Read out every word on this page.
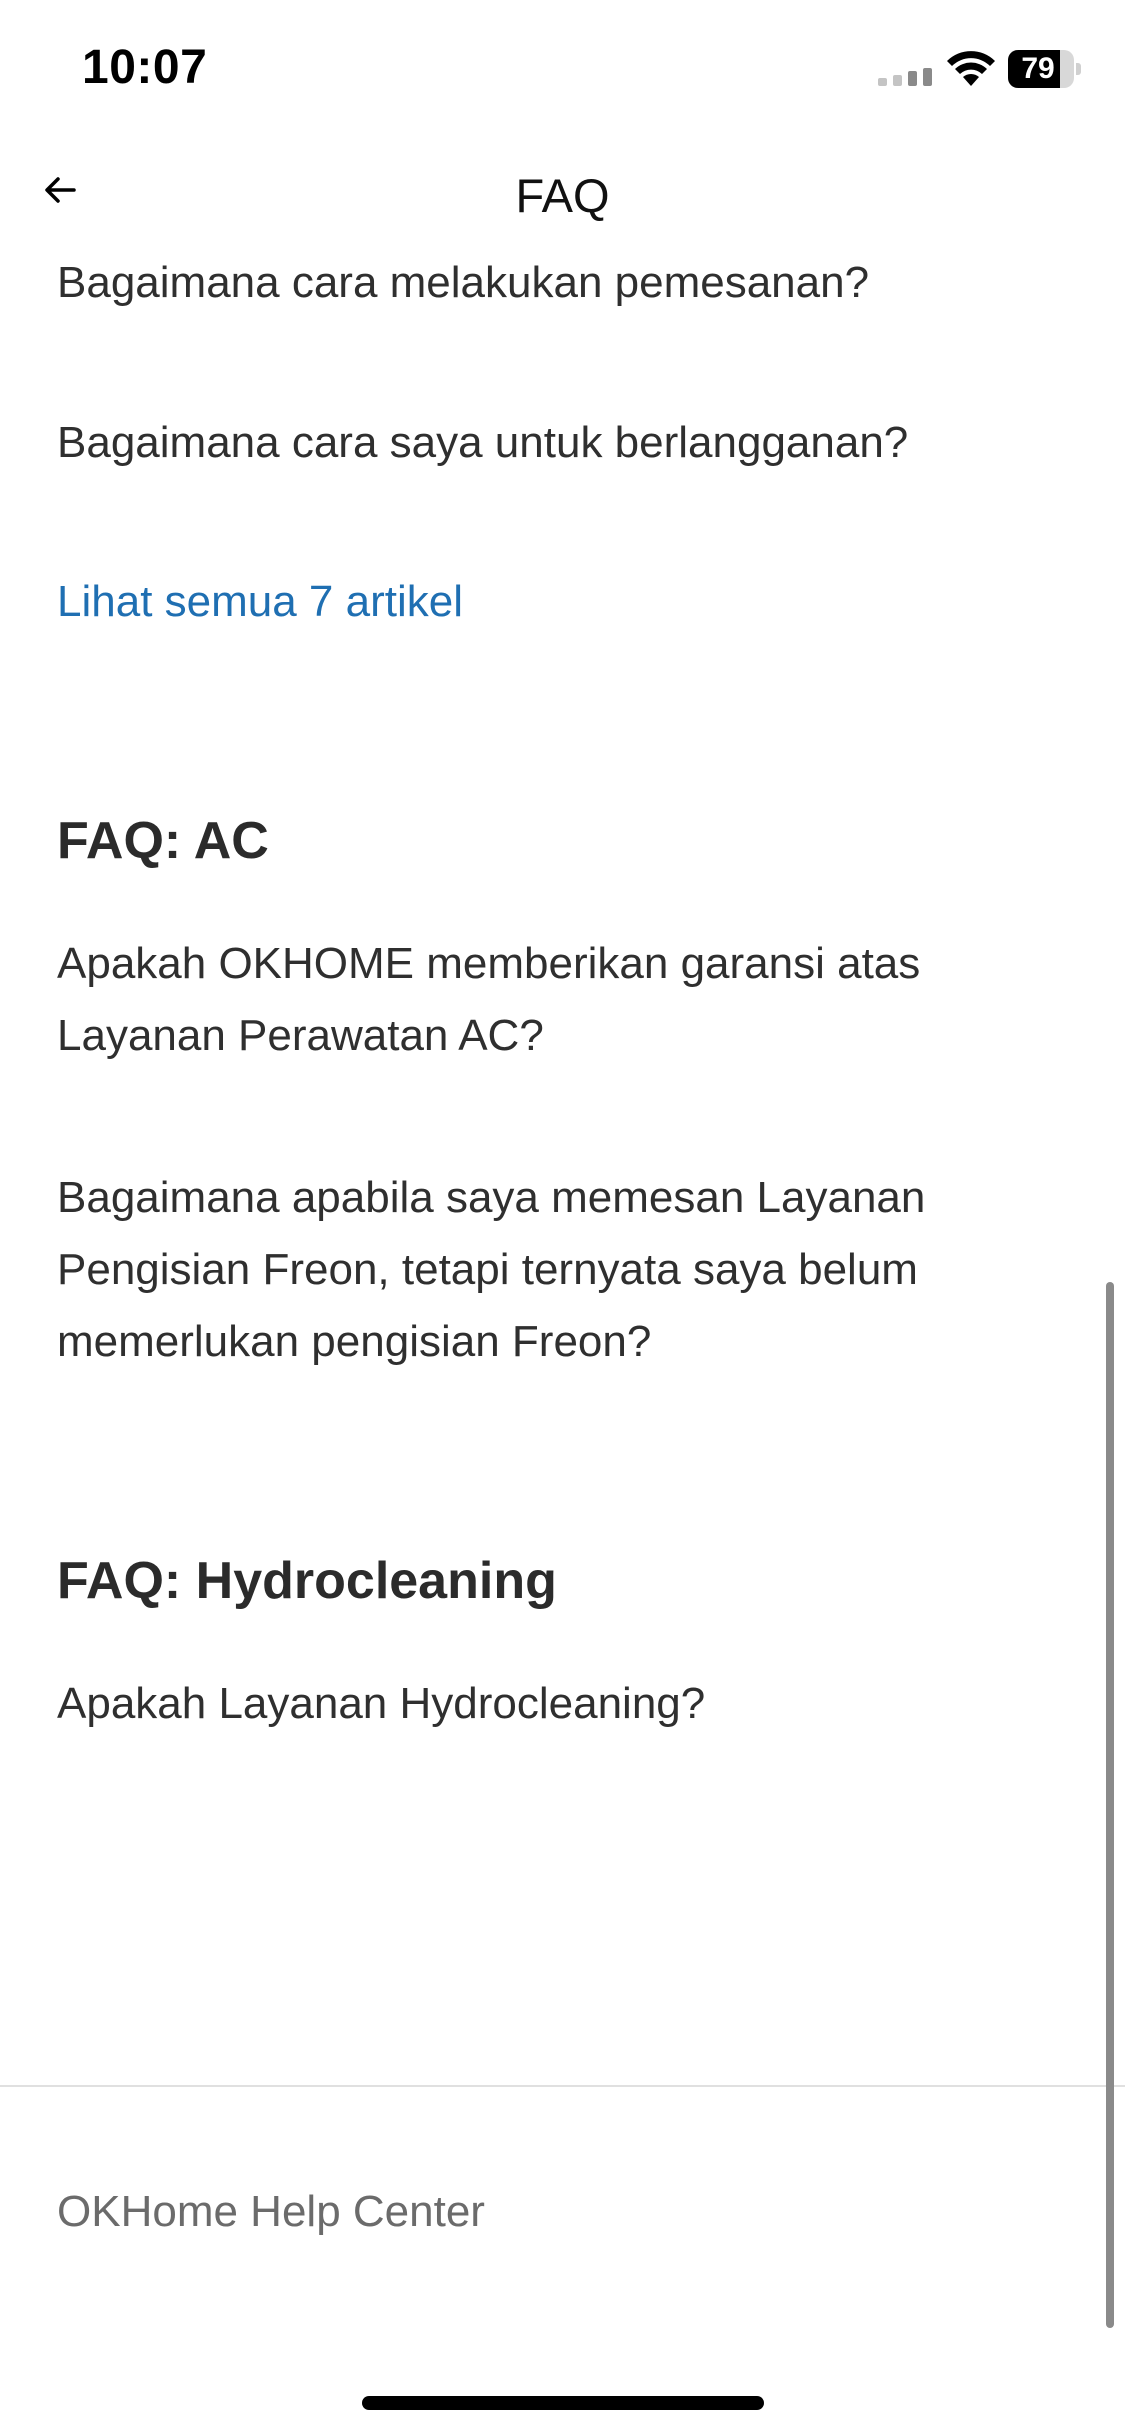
10:07	79
FAQ
Bagaimana cara melakukan pemesanan?
Bagaimana cara saya untuk berlangganan?
Lihat semua 7 artikel
FAQ: AC
Apakah OKHOME memberikan garansi atas Layanan Perawatan AC?
Bagaimana apabila saya memesan Layanan Pengisian Freon, tetapi ternyata saya belum memerlukan pengisian Freon?
FAQ: Hydrocleaning
Apakah Layanan Hydrocleaning?
OKHome Help Center
